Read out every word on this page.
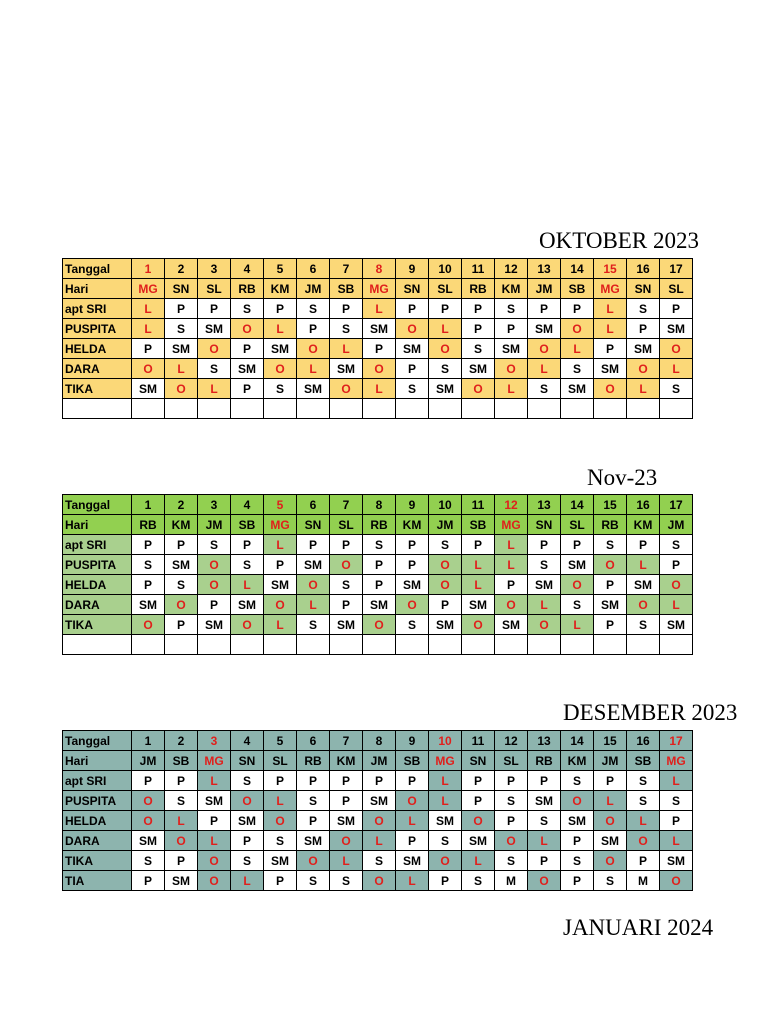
OKTOBER 2023
Tanggal	1	2	3	4	5	6	7	8	9	10	11	12	13	14	15	16	17
Hari	MG	SN	SL	RB	KM	JM	SB	MG	SN	SL	RB	KM	JM	SB	MG	SN	SL
apt SRI	L	P	P	S	P	S	P	L	P	P	P	S	P	P	L	S	P
PUSPITA	L	S	SM	O	L	P	S	SM	O	L	P	P	SM	O	L	P	SM
HELDA	P	SM	O	P	SM	O	L	P	SM	O	S	SM	O	L	P	SM	O
DARA	O	L	S	SM	O	L	SM	O	P	S	SM	O	L	S	SM	O	L
TIKA	SM	O	L	P	S	SM	O	L	S	SM	O	L	S	SM	O	L	S

Nov-23
Tanggal	1	2	3	4	5	6	7	8	9	10	11	12	13	14	15	16	17
Hari	RB	KM	JM	SB	MG	SN	SL	RB	KM	JM	SB	MG	SN	SL	RB	KM	JM
apt SRI	P	P	S	P	L	P	P	S	P	S	P	L	P	P	S	P	S
PUSPITA	S	SM	O	S	P	SM	O	P	P	O	L	L	S	SM	O	L	P
HELDA	P	S	O	L	SM	O	S	P	SM	O	L	P	SM	O	P	SM	O
DARA	SM	O	P	SM	O	L	P	SM	O	P	SM	O	L	S	SM	O	L
TIKA	O	P	SM	O	L	S	SM	O	S	SM	O	SM	O	L	P	S	SM

DESEMBER 2023
Tanggal	1	2	3	4	5	6	7	8	9	10	11	12	13	14	15	16	17
Hari	JM	SB	MG	SN	SL	RB	KM	JM	SB	MG	SN	SL	RB	KM	JM	SB	MG
apt SRI	P	P	L	S	P	P	P	P	P	L	P	P	P	S	P	S	L
PUSPITA	O	S	SM	O	L	S	P	SM	O	L	P	S	SM	O	L	S	S
HELDA	O	L	P	SM	O	P	SM	O	L	SM	O	P	S	SM	O	L	P
DARA	SM	O	L	P	S	SM	O	L	P	S	SM	O	L	P	SM	O	L
TIKA	S	P	O	S	SM	O	L	S	SM	O	L	S	P	S	O	P	SM
TIA	P	SM	O	L	P	S	S	O	L	P	S	M	O	P	S	M	O
JANUARI 2024
